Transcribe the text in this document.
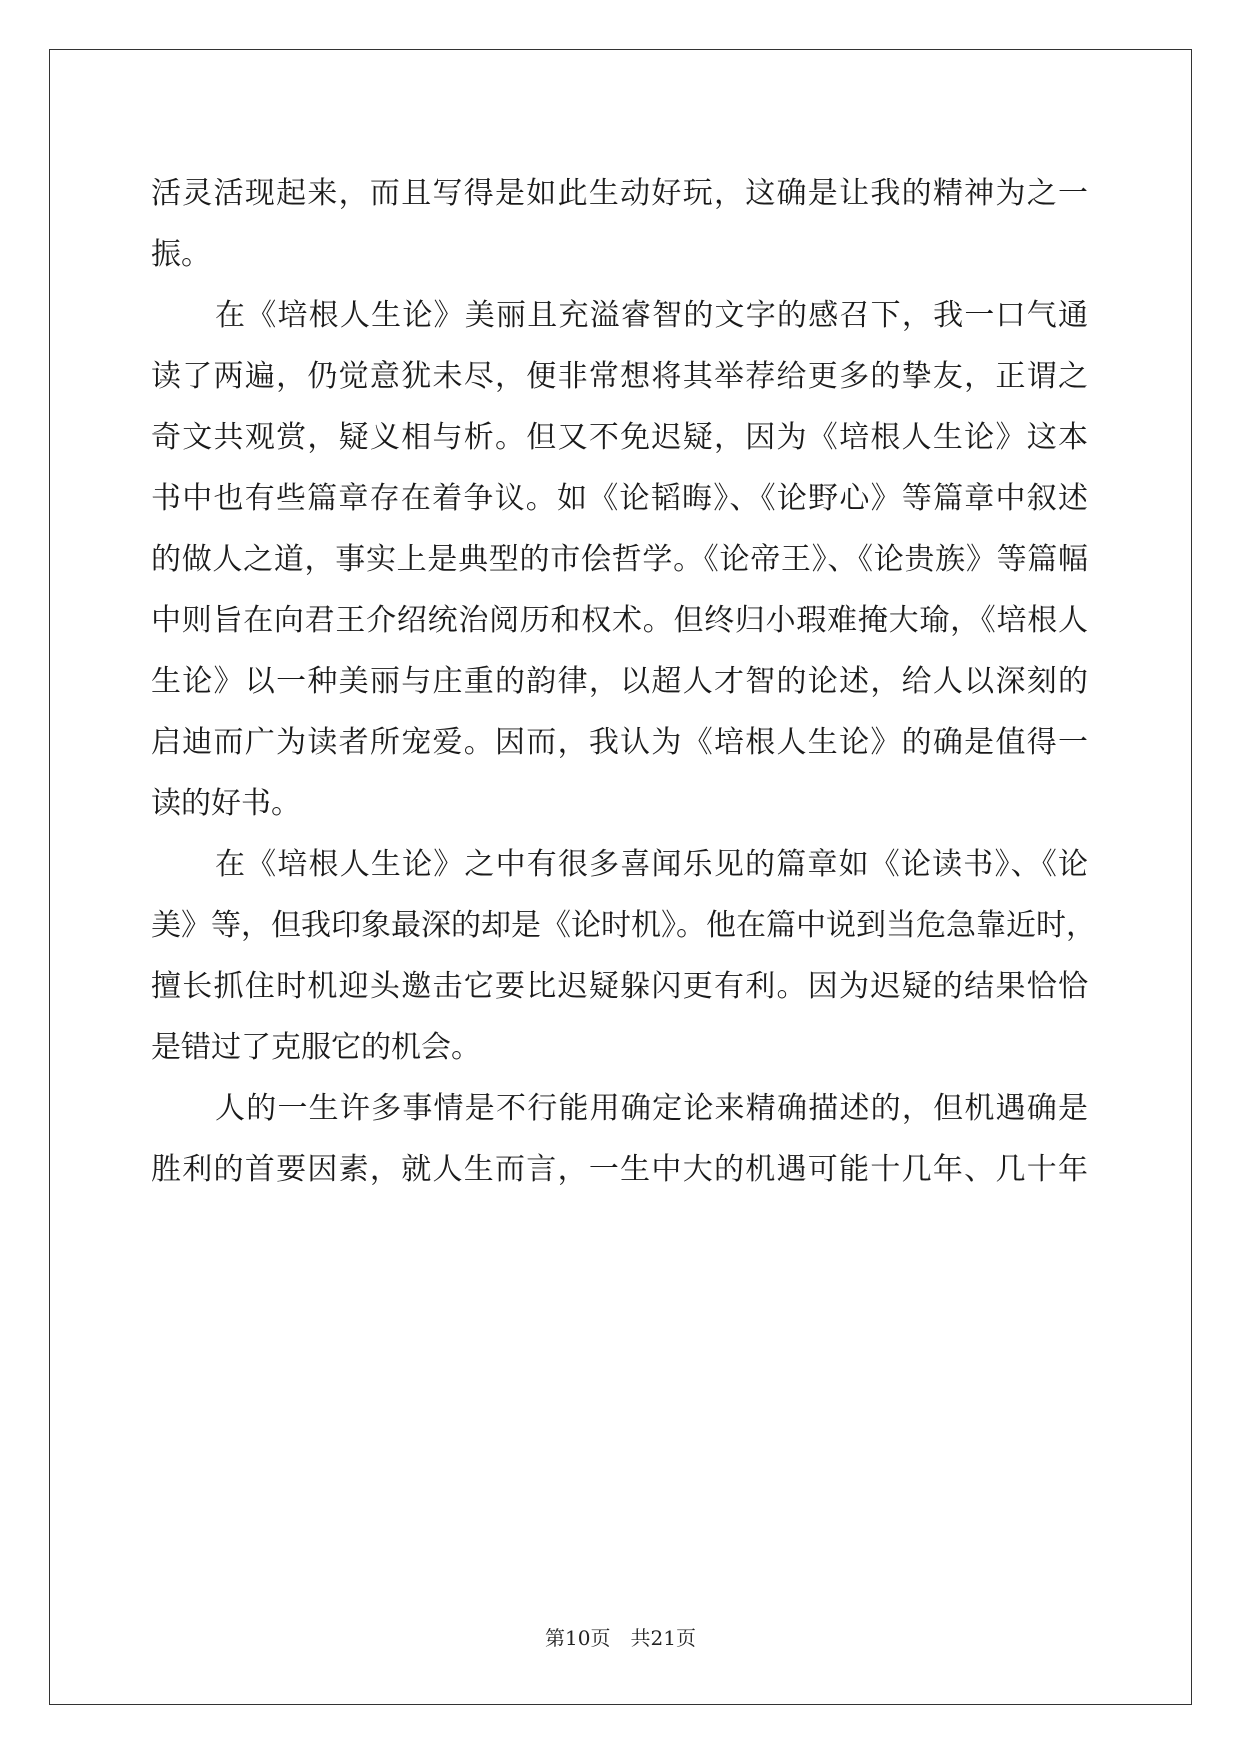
活灵活现起来，而且写得是如此生动好玩，这确是让我的精神为之一
振。
在《培根人生论》美丽且充溢睿智的文字的感召下，我一口气通
读了两遍，仍觉意犹未尽，便非常想将其举荐给更多的挚友，正谓之
奇文共观赏，疑义相与析。但又不免迟疑，因为《培根人生论》这本
书中也有些篇章存在着争议。如《论韬晦》、《论野心》等篇章中叙述
的做人之道，事实上是典型的市侩哲学。《论帝王》、《论贵族》等篇幅
中则旨在向君王介绍统治阅历和权术。但终归小瑕难掩大瑜，《培根人
生论》以一种美丽与庄重的韵律，以超人才智的论述，给人以深刻的
启迪而广为读者所宠爱。因而，我认为《培根人生论》的确是值得一
读的好书。
在《培根人生论》之中有很多喜闻乐见的篇章如《论读书》、《论
美》等，但我印象最深的却是《论时机》。他在篇中说到当危急靠近时，
擅长抓住时机迎头邀击它要比迟疑躲闪更有利。因为迟疑的结果恰恰
是错过了克服它的机会。
人的一生许多事情是不行能用确定论来精确描述的，但机遇确是
胜利的首要因素，就人生而言，一生中大的机遇可能十几年、几十年
第10页 共21页
